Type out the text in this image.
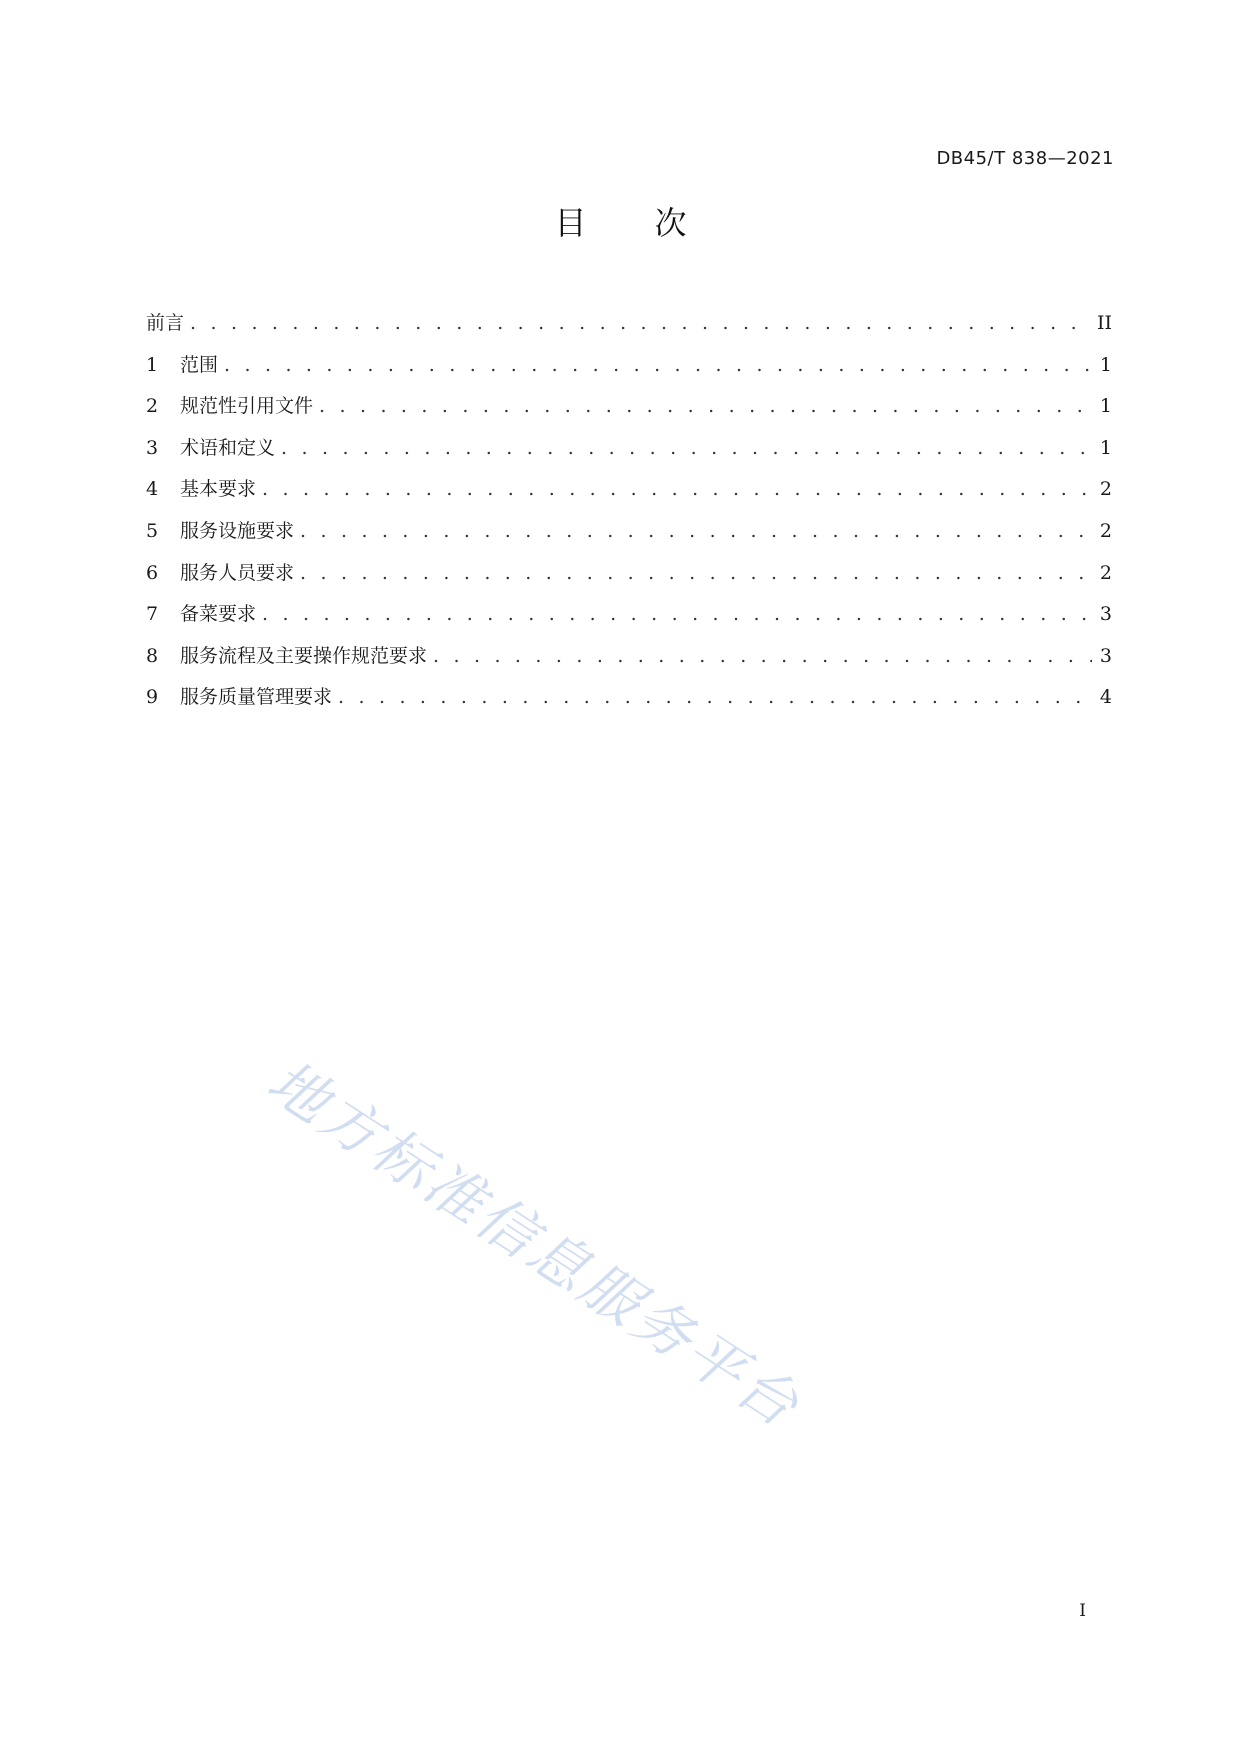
DB45/T 838—2021
目次
前言 . . .	II
1	范围 . . .	1
2	规范性引用文件 . . .	1
3	术语和定义 . . .	1
4	基本要求 . . .	2
5	服务设施要求 . . .	2
6	服务人员要求 . . .	2
7	备菜要求 . . .	3
8	服务流程及主要操作规范要求 . . .	3
9	服务质量管理要求 . . .	4
地方标准信息服务平台
I
